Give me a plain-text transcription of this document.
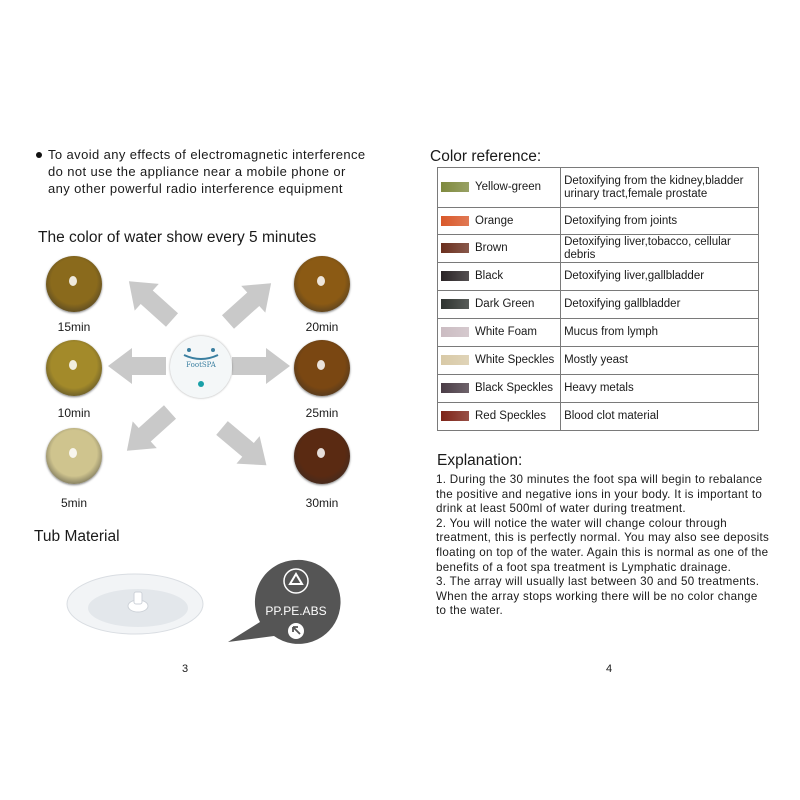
To avoid any effects of electromagnetic interference do not use the appliance near a mobile phone or any other powerful radio interference equipment
The color of water show every 5 minutes
FootSPA
15min	20min
10min	25min
5min	30min
Tub Material
PP.PE.ABS
3
Color reference:
Yellow-green	Detoxifying from the kidney,bladder urinary tract,female prostate
Orange	Detoxifying from joints
Brown	Detoxifying liver,tobacco, cellular debris
Black	Detoxifying liver,gallbladder
Dark Green	Detoxifying gallbladder
White Foam	Mucus from lymph
White Speckles	Mostly yeast
Black Speckles	Heavy metals
Red Speckles	Blood clot material
Explanation:

1. During the 30 minutes the foot spa will begin to rebalance the positive and negative ions in your body. It is important to drink at least 500ml of water during treatment.

2. You will notice the water will change colour through treatment, this is perfectly normal. You may also see deposits floating on top of the water. Again this is normal as one of the benefits of a foot spa treatment is Lymphatic drainage.

3. The array will usually last between 30 and 50 treatments. When the array stops working there will be no color change to the water.

4
